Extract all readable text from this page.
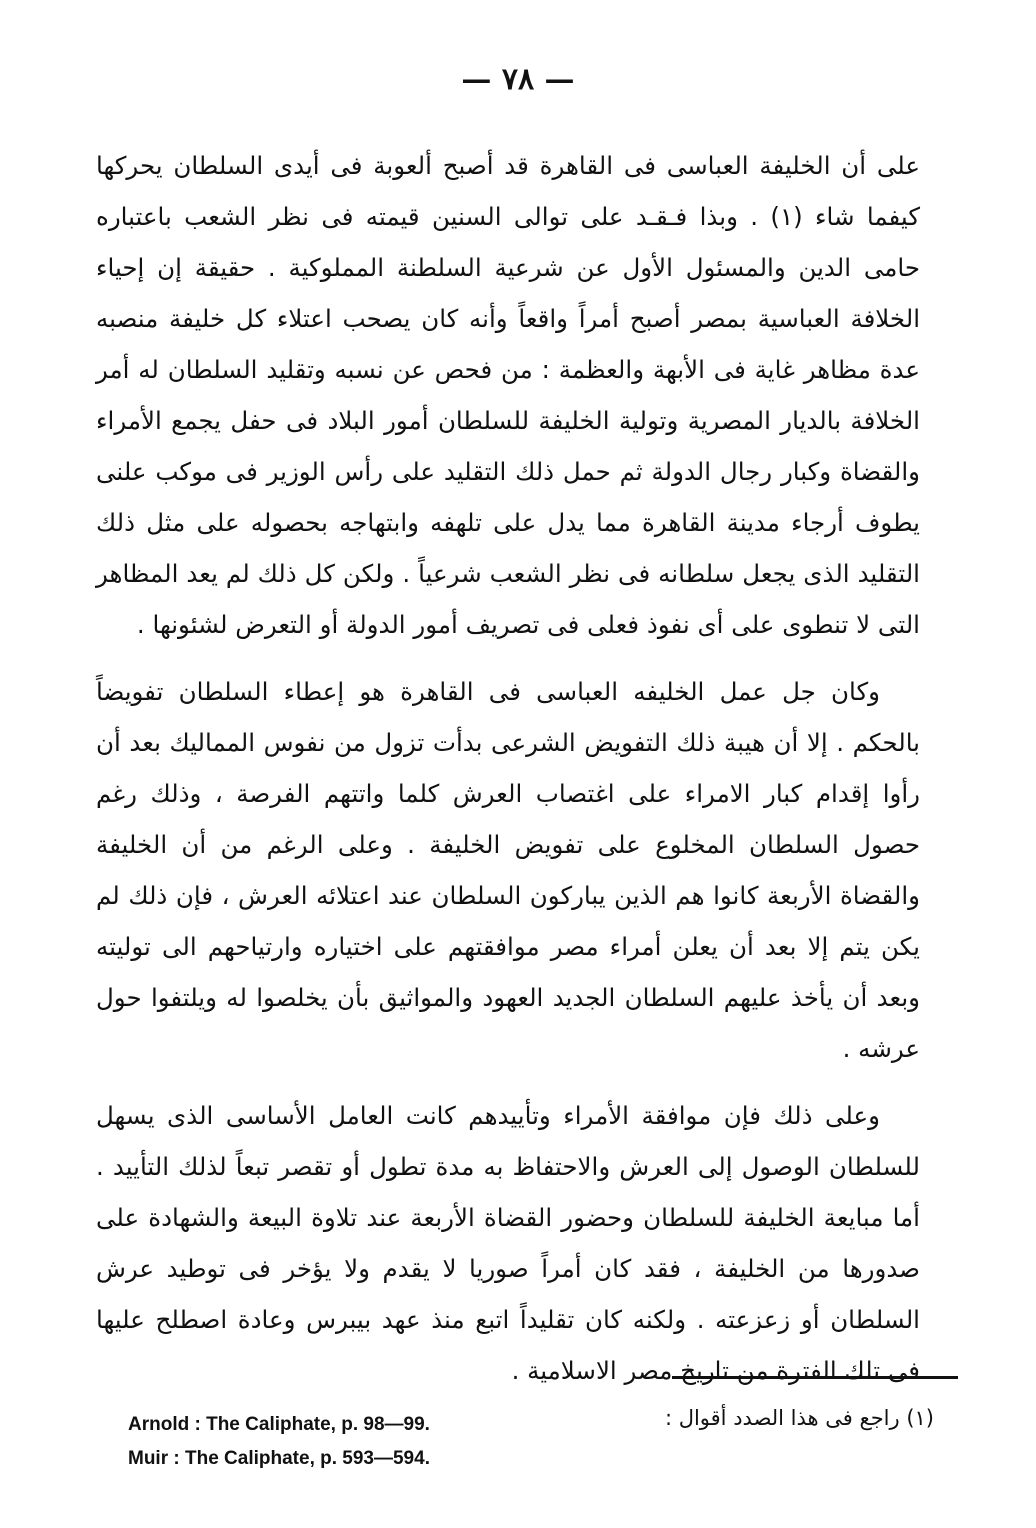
— ٧٨ —

على أن الخليفة العباسى فى القاهرة قد أصبح ألعوبة فى أيدى السلطان يحركها كيفما شاء (١) . وبذا فـقـد على توالى السنين قيمته فى نظر الشعب باعتباره حامى الدين والمسئول الأول عن شرعية السلطنة المملوكية . حقيقة إن إحياء الخلافة العباسية بمصر أصبح أمراً واقعاً وأنه كان يصحب اعتلاء كل خليفة منصبه عدة مظاهر غاية فى الأبهة والعظمة : من فحص عن نسبه وتقليد السلطان له أمر الخلافة بالديار المصرية وتولية الخليفة للسلطان أمور البلاد فى حفل يجمع الأمراء والقضاة وكبار رجال الدولة ثم حمل ذلك التقليد على رأس الوزير فى موكب علنى يطوف أرجاء مدينة القاهرة مما يدل على تلهفه وابتهاجه بحصوله على مثل ذلك التقليد الذى يجعل سلطانه فى نظر الشعب شرعياً . ولكن كل ذلك لم يعد المظاهر التى لا تنطوى على أى نفوذ فعلى فى تصريف أمور الدولة أو التعرض لشئونها .

وكان جل عمل الخليفه العباسى فى القاهرة هو إعطاء السلطان تفويضاً بالحكم . إلا أن هيبة ذلك التفويض الشرعى بدأت تزول من نفوس المماليك بعد أن رأوا إقدام كبار الامراء على اغتصاب العرش كلما واتتهم الفرصة ، وذلك رغم حصول السلطان المخلوع على تفويض الخليفة . وعلى الرغم من أن الخليفة والقضاة الأربعة كانوا هم الذين يباركون السلطان عند اعتلائه العرش ، فإن ذلك لم يكن يتم إلا بعد أن يعلن أمراء مصر موافقتهم على اختياره وارتياحهم الى توليته وبعد أن يأخذ عليهم السلطان الجديد العهود والمواثيق بأن يخلصوا له ويلتفوا حول عرشه .

وعلى ذلك فإن موافقة الأمراء وتأييدهم كانت العامل الأساسى الذى يسهل للسلطان الوصول إلى العرش والاحتفاظ به مدة تطول أو تقصر تبعاً لذلك التأييد . أما مبايعة الخليفة للسلطان وحضور القضاة الأربعة عند تلاوة البيعة والشهادة على صدورها من الخليفة ، فقد كان أمراً صوريا لا يقدم ولا يؤخر فى توطيد عرش السلطان أو زعزعته . ولكنه كان تقليداً اتبع منذ عهد بيبرس وعادة اصطلح عليها فى تلك الفترة من تاريخ مصر الاسلامية .

(١) راجع فى هذا الصدد أقوال :
Arnold : The Caliphate, p. 98—99.
Muir : The Caliphate, p. 593—594.
